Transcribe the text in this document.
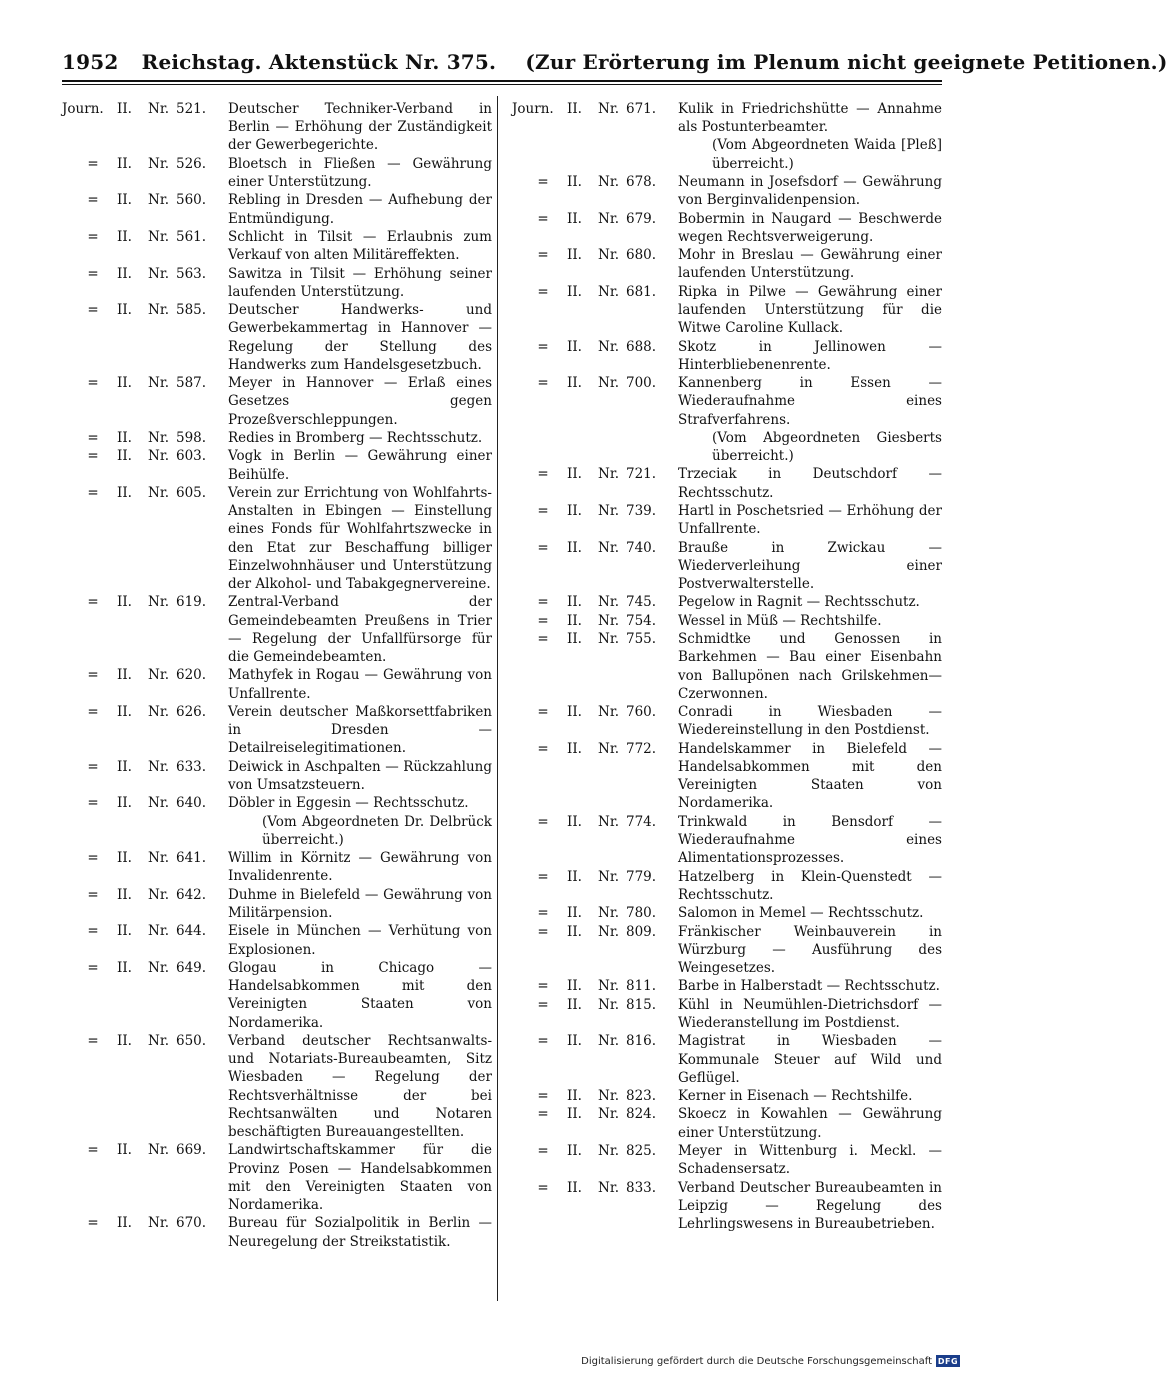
1952 Reichstag. Aktenstück Nr. 375. (Zur Erörterung im Plenum nicht geeignete Petitionen.)
Journ. II. Nr. 521. Deutscher Techniker-Verband in Berlin — Erhöhung der Zuständigkeit der Gewerbegerichte.
= II. Nr. 526. Bloetsch in Fließen — Gewährung einer Unterstützung.
= II. Nr. 560. Rebling in Dresden — Aufhebung der Entmündigung.
= II. Nr. 561. Schlicht in Tilsit — Erlaubnis zum Verkauf von alten Militäreffekten.
= II. Nr. 563. Sawitza in Tilsit — Erhöhung seiner laufenden Unterstützung.
= II. Nr. 585. Deutscher Handwerks- und Gewerbekammertag in Hannover — Regelung der Stellung des Handwerks zum Handelsgesetzbuch.
= II. Nr. 587. Meyer in Hannover — Erlaß eines Gesetzes gegen Prozeßverschleppungen.
= II. Nr. 598. Redies in Bromberg — Rechtsschutz.
= II. Nr. 603. Vogk in Berlin — Gewährung einer Beihülfe.
= II. Nr. 605. Verein zur Errichtung von Wohlfahrts-Anstalten in Ebingen — Einstellung eines Fonds für Wohlfahrtszwecke in den Etat zur Beschaffung billiger Einzelwohnhäuser und Unterstützung der Alkohol- und Tabakgegnervereine.
= II. Nr. 619. Zentral-Verband der Gemeindebeamten Preußens in Trier — Regelung der Unfallfürsorge für die Gemeindebeamten.
= II. Nr. 620. Mathyfek in Rogau — Gewährung von Unfallrente.
= II. Nr. 626. Verein deutscher Maßkorsettfabriken in Dresden — Detailreiselegitimationen.
= II. Nr. 633. Deiwick in Aschpalten — Rückzahlung von Umsatzsteuern.
= II. Nr. 640. Döbler in Eggesin — Rechtsschutz.
(Vom Abgeordneten Dr. Delbrück überreicht.)
= II. Nr. 641. Willim in Körnitz — Gewährung von Invalidenrente.
= II. Nr. 642. Duhme in Bielefeld — Gewährung von Militärpension.
= II. Nr. 644. Eisele in München — Verhütung von Explosionen.
= II. Nr. 649. Glogau in Chicago — Handelsabkommen mit den Vereinigten Staaten von Nordamerika.
= II. Nr. 650. Verband deutscher Rechtsanwalts- und Notariats-Bureaubeamten, Sitz Wiesbaden — Regelung der Rechtsverhältnisse der bei Rechtsanwälten und Notaren beschäftigten Bureauangestellten.
= II. Nr. 669. Landwirtschaftskammer für die Provinz Posen — Handelsabkommen mit den Vereinigten Staaten von Nordamerika.
= II. Nr. 670. Bureau für Sozialpolitik in Berlin — Neuregelung der Streikstatistik.
Journ. II. Nr. 671. Kulik in Friedrichshütte — Annahme als Postunterbeamter.
(Vom Abgeordneten Waida [Pleß] überreicht.)
= II. Nr. 678. Neumann in Josefsdorf — Gewährung von Berginvalidenpension.
= II. Nr. 679. Bobermin in Naugard — Beschwerde wegen Rechtsverweigerung.
= II. Nr. 680. Mohr in Breslau — Gewährung einer laufenden Unterstützung.
= II. Nr. 681. Ripka in Pilwe — Gewährung einer laufenden Unterstützung für die Witwe Caroline Kullack.
= II. Nr. 688. Skotz in Jellinowen — Hinterbliebenenrente.
= II. Nr. 700. Kannenberg in Essen — Wiederaufnahme eines Strafverfahrens.
(Vom Abgeordneten Giesberts überreicht.)
= II. Nr. 721. Trzeciak in Deutschdorf — Rechtsschutz.
= II. Nr. 739. Hartl in Poschetsried — Erhöhung der Unfallrente.
= II. Nr. 740. Brauße in Zwickau — Wiederverleihung einer Postverwalterstelle.
= II. Nr. 745. Pegelow in Ragnit — Rechtsschutz.
= II. Nr. 754. Wessel in Müß — Rechtshilfe.
= II. Nr. 755. Schmidtke und Genossen in Barkehmen — Bau einer Eisenbahn von Ballupönen nach Grilskehmen—Czerwonnen.
= II. Nr. 760. Conradi in Wiesbaden — Wiedereinstellung in den Postdienst.
= II. Nr. 772. Handelskammer in Bielefeld — Handelsabkommen mit den Vereinigten Staaten von Nordamerika.
= II. Nr. 774. Trinkwald in Bensdorf — Wiederaufnahme eines Alimentationsprozesses.
= II. Nr. 779. Hatzelberg in Klein-Quenstedt — Rechtsschutz.
= II. Nr. 780. Salomon in Memel — Rechtsschutz.
= II. Nr. 809. Fränkischer Weinbauverein in Würzburg — Ausführung des Weingesetzes.
= II. Nr. 811. Barbe in Halberstadt — Rechtsschutz.
= II. Nr. 815. Kühl in Neumühlen-Dietrichsdorf — Wiederanstellung im Postdienst.
= II. Nr. 816. Magistrat in Wiesbaden — Kommunale Steuer auf Wild und Geflügel.
= II. Nr. 823. Kerner in Eisenach — Rechtshilfe.
= II. Nr. 824. Skoecz in Kowahlen — Gewährung einer Unterstützung.
= II. Nr. 825. Meyer in Wittenburg i. Meckl. — Schadensersatz.
= II. Nr. 833. Verband Deutscher Bureaubeamten in Leipzig — Regelung des Lehrlingswesens in Bureaubetrieben.
Digitalisierung gefördert durch die Deutsche Forschungsgemeinschaft DFG
